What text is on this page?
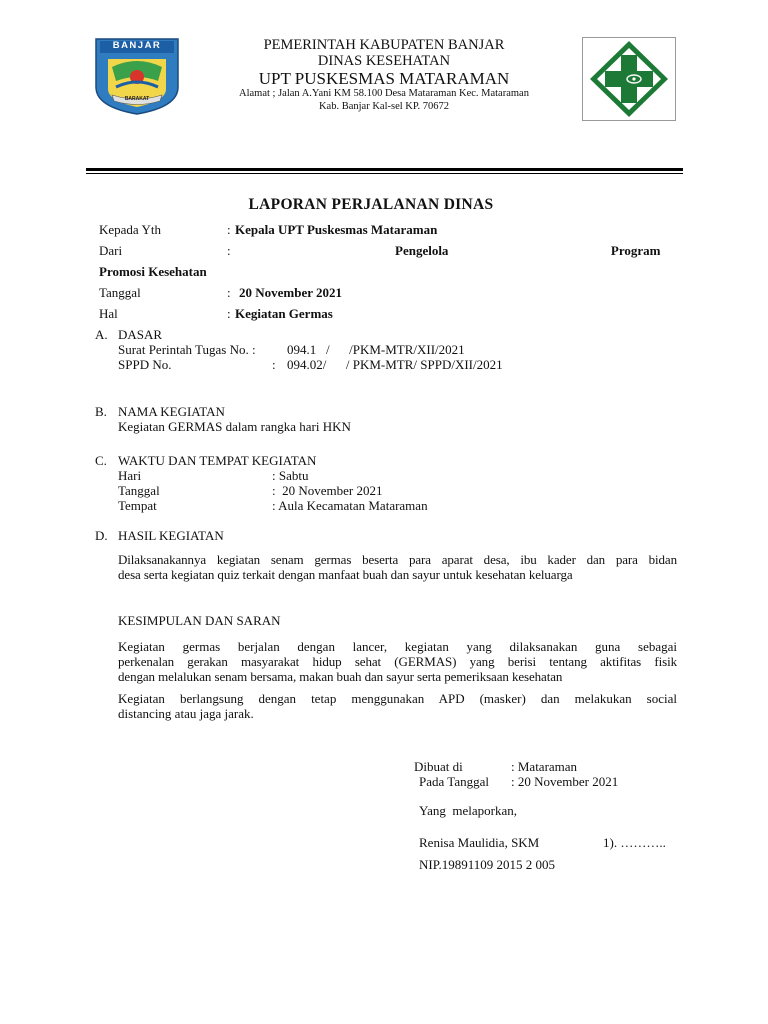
BANJAR
BARAKAT
PEMERINTAH KABUPATEN BANJAR
DINAS KESEHATAN
UPT PUSKESMAS MATARAMAN
Alamat ; Jalan A.Yani KM 58.100 Desa Mataraman Kec. Mataraman
Kab. Banjar Kal-sel KP. 70672
LAPORAN PERJALANAN DINAS
Kepada Yth	: Kepala UPT Puskesmas Mataraman
Dari	:	Pengelola                                                  Program
Promosi Kesehatan
Tanggal	: 20 November 2021
Hal	: Kegiatan Germas
A. DASAR
Surat Perintah Tugas No. : 094.1   /      /PKM-MTR/XII/2021
SPPD No.	: 094.02/      / PKM-MTR/ SPPD/XII/2021
B. NAMA KEGIATAN
Kegiatan GERMAS dalam rangka hari HKN
C. WAKTU DAN TEMPAT KEGIATAN
Hari	: Sabtu
Tanggal	:  20 November 2021
Tempat	: Aula Kecamatan Mataraman
D. HASIL KEGIATAN
Dilaksanakannya kegiatan senam germas beserta para aparat desa, ibu kader dan para bidan
desa serta kegiatan quiz terkait dengan manfaat buah dan sayur untuk kesehatan keluarga
KESIMPULAN DAN SARAN
Kegiatan germas berjalan dengan lancer, kegiatan yang dilaksanakan guna sebagai
perkenalan gerakan masyarakat hidup sehat (GERMAS) yang berisi tentang aktifitas fisik
dengan melalukan senam bersama, makan buah dan sayur serta pemeriksaan kesehatan
Kegiatan berlangsung dengan tetap menggunakan APD (masker) dan melakukan social
distancing atau jaga jarak.
Dibuat di	: Mataraman
Pada Tanggal : 20 November 2021
Yang  melaporkan,
Renisa Maulidia, SKM	1). ………..
NIP.19891109 2015 2 005
